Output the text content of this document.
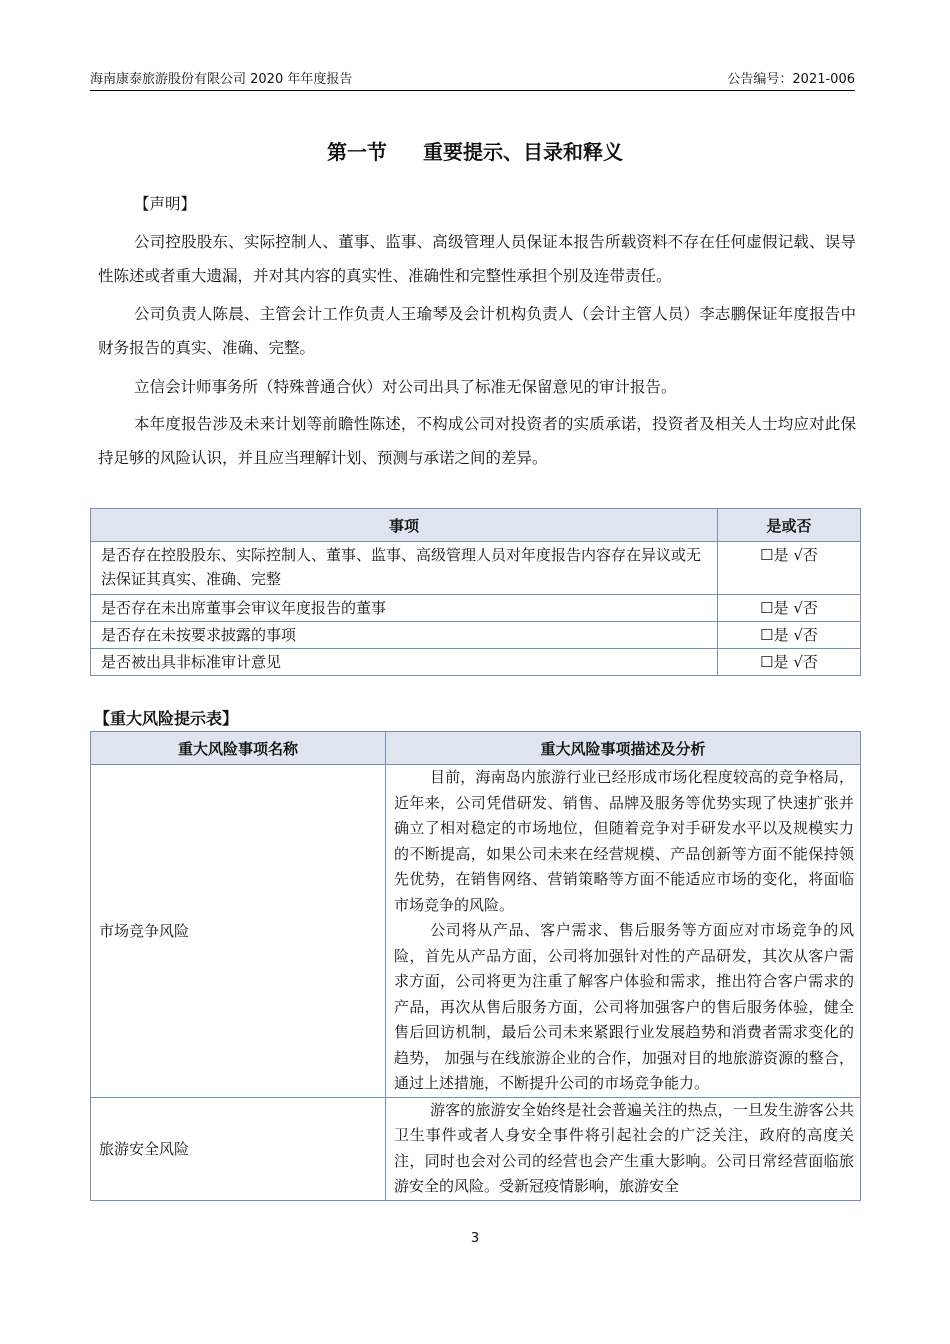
海南康泰旅游股份有限公司 2020 年年度报告	公告编号：2021-006
第一节 重要提示、目录和释义
【声明】
公司控股股东、实际控制人、董事、监事、高级管理人员保证本报告所载资料不存在任何虚假记载、误导性陈述或者重大遗漏，并对其内容的真实性、准确性和完整性承担个别及连带责任。
公司负责人陈晨、主管会计工作负责人王瑜琴及会计机构负责人（会计主管人员）李志鹏保证年度报告中财务报告的真实、准确、完整。
立信会计师事务所（特殊普通合伙）对公司出具了标准无保留意见的审计报告。
本年度报告涉及未来计划等前瞻性陈述，不构成公司对投资者的实质承诺，投资者及相关人士均应对此保持足够的风险认识，并且应当理解计划、预测与承诺之间的差异。
事项	是或否
是否存在控股股东、实际控制人、董事、监事、高级管理人员对年度报告内容存在异议或无法保证其真实、准确、完整	☐是 √否
是否存在未出席董事会审议年度报告的董事	☐是 √否
是否存在未按要求披露的事项	☐是 √否
是否被出具非标准审计意见	☐是 √否
【重大风险提示表】
重大风险事项名称	重大风险事项描述及分析
市场竞争风险	目前，海南岛内旅游行业已经形成市场化程度较高的竞争格局，近年来，公司凭借研发、销售、品牌及服务等优势实现了快速扩张并确立了相对稳定的市场地位，但随着竞争对手研发水平以及规模实力的不断提高，如果公司未来在经营规模、产品创新等方面不能保持领先优势，在销售网络、营销策略等方面不能适应市场的变化，将面临市场竞争的风险。

公司将从产品、客户需求、售后服务等方面应对市场竞争的风险，首先从产品方面，公司将加强针对性的产品研发，其次从客户需求方面，公司将更为注重了解客户体验和需求，推出符合客户需求的产品，再次从售后服务方面，公司将加强客户的售后服务体验，健全售后回访机制，最后公司未来紧跟行业发展趋势和消费者需求变化的趋势， 加强与在线旅游企业的合作，加强对目的地旅游资源的整合，通过上述措施，不断提升公司的市场竞争能力。

旅游安全风险	游客的旅游安全始终是社会普遍关注的热点，一旦发生游客公共卫生事件或者人身安全事件将引起社会的广泛关注，政府的高度关注，同时也会对公司的经营也会产生重大影响。公司日常经营面临旅游安全的风险。受新冠疫情影响，旅游安全

3
